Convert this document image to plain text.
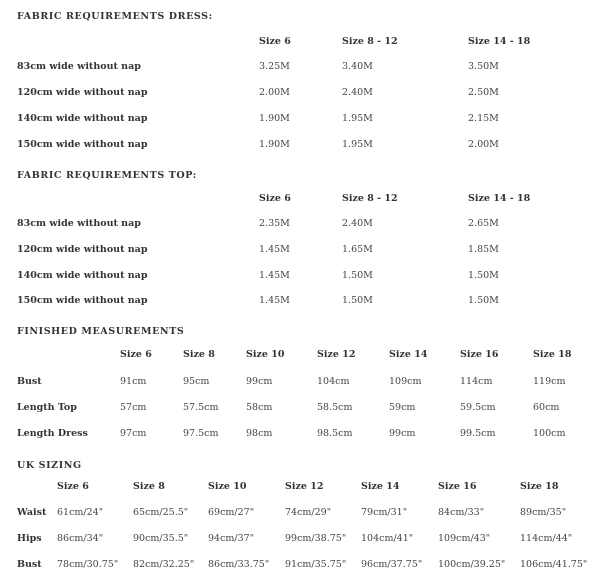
FABRIC REQUIREMENTS DRESS:
Size 6	Size 8 - 12	Size 14 - 18
83cm wide without nap	3.25M	3.40M	3.50M
120cm wide without nap	2.00M	2.40M	2.50M
140cm wide without nap	1.90M	1.95M	2.15M
150cm wide without nap	1.90M	1.95M	2.00M
FABRIC REQUIREMENTS TOP:
Size 6	Size 8 - 12	Size 14 - 18
83cm wide without nap	2.35M	2.40M	2.65M
120cm wide without nap	1.45M	1.65M	1.85M
140cm wide without nap	1.45M	1.50M	1.50M
150cm wide without nap	1.45M	1.50M	1.50M
FINISHED MEASUREMENTS
Size 6	Size 8	Size 10	Size 12	Size 14	Size 16	Size 18
Bust	91cm	95cm	99cm	104cm	109cm	114cm	119cm
Length Top	57cm	57.5cm	58cm	58.5cm	59cm	59.5cm	60cm
Length Dress	97cm	97.5cm	98cm	98.5cm	99cm	99.5cm	100cm
UK SIZING
Size 6	Size 8	Size 10	Size 12	Size 14	Size 16	Size 18
Waist 61cm/24"	65cm/25.5" 69cm/27"	74cm/29"	79cm/31"	84cm/33"	89cm/35"
Hips 86cm/34"	90cm/35.5" 94cm/37"	99cm/38.75" 104cm/41"	109cm/43"	114cm/44"
Bust 78cm/30.75" 82cm/32.25" 86cm/33.75" 91cm/35.75" 96cm/37.75" 100cm/39.25" 106cm/41.75"
